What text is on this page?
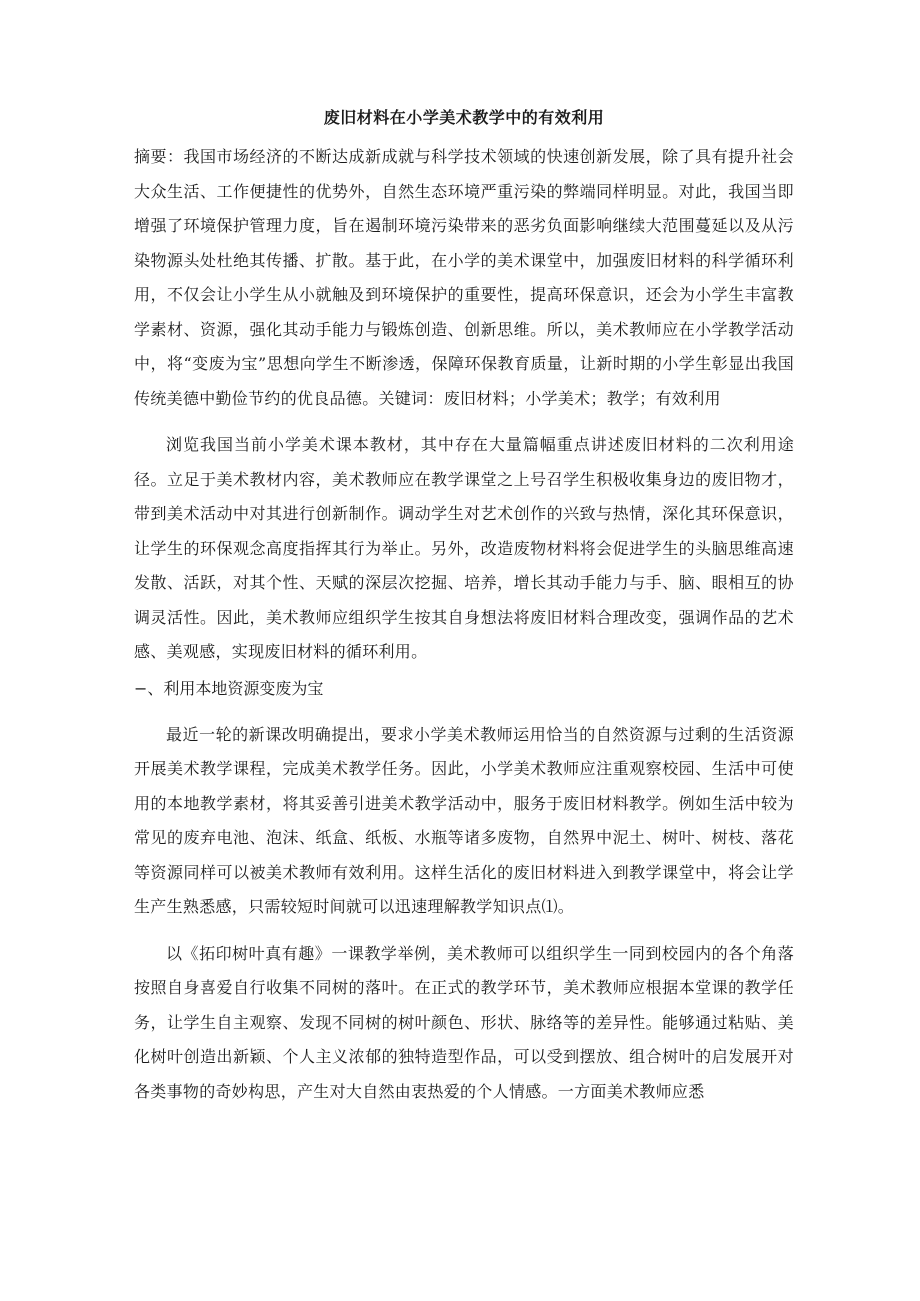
废旧材料在小学美术教学中的有效利用

摘要：我国市场经济的不断达成新成就与科学技术领域的快速创新发展，除了具有提升社会大众生活、工作便捷性的优势外，自然生态环境严重污染的弊端同样明显。对此，我国当即增强了环境保护管理力度，旨在遏制环境污染带来的恶劣负面影响继续大范围蔓延以及从污染物源头处杜绝其传播、扩散。基于此，在小学的美术课堂中，加强废旧材料的科学循环利用，不仅会让小学生从小就触及到环境保护的重要性，提高环保意识，还会为小学生丰富教学素材、资源，强化其动手能力与锻炼创造、创新思维。所以，美术教师应在小学教学活动中，将“变废为宝”思想向学生不断渗透，保障环保教育质量，让新时期的小学生彰显出我国传统美德中勤俭节约的优良品德。关键词：废旧材料；小学美术；教学；有效利用

浏览我国当前小学美术课本教材，其中存在大量篇幅重点讲述废旧材料的二次利用途径。立足于美术教材内容，美术教师应在教学课堂之上号召学生积极收集身边的废旧物才，带到美术活动中对其进行创新制作。调动学生对艺术创作的兴致与热情，深化其环保意识，让学生的环保观念高度指挥其行为举止。另外，改造废物材料将会促进学生的头脑思维高速发散、活跃，对其个性、天赋的深层次挖掘、培养，增长其动手能力与手、脑、眼相互的协调灵活性。因此，美术教师应组织学生按其自身想法将废旧材料合理改变，强调作品的艺术感、美观感，实现废旧材料的循环利用。

−、利用本地资源变废为宝

最近一轮的新课改明确提出，要求小学美术教师运用恰当的自然资源与过剩的生活资源开展美术教学课程，完成美术教学任务。因此，小学美术教师应注重观察校园、生活中可使用的本地教学素材，将其妥善引进美术教学活动中，服务于废旧材料教学。例如生活中较为常见的废弃电池、泡沫、纸盒、纸板、水瓶等诸多废物，自然界中泥土、树叶、树枝、落花等资源同样可以被美术教师有效利用。这样生活化的废旧材料进入到教学课堂中，将会让学生产生熟悉感，只需较短时间就可以迅速理解教学知识点⑴。

以《拓印树叶真有趣》一课教学举例，美术教师可以组织学生一同到校园内的各个角落按照自身喜爱自行收集不同树的落叶。在正式的教学环节，美术教师应根据本堂课的教学任务，让学生自主观察、发现不同树的树叶颜色、形状、脉络等的差异性。能够通过粘贴、美化树叶创造出新颖、个人主义浓郁的独特造型作品，可以受到摆放、组合树叶的启发展开对各类事物的奇妙构思，产生对大自然由衷热爱的个人情感。一方面美术教师应悉
